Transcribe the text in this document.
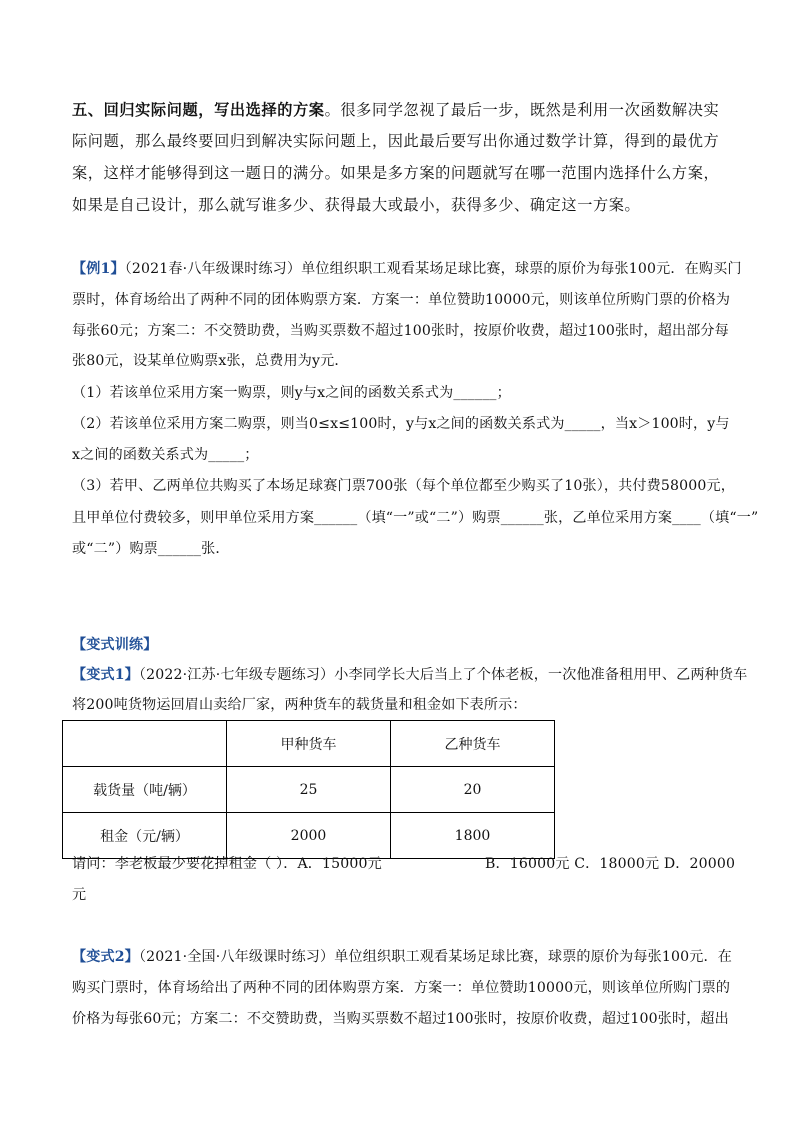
五、回归实际问题，写出选择的方案。很多同学忽视了最后一步，既然是利用一次函数解决实
际问题，那么最终要回归到解决实际问题上，因此最后要写出你通过数学计算，得到的最优方
案，这样才能够得到这一题日的满分。如果是多方案的问题就写在哪一范围内选择什么方案，
如果是自己设计，那么就写谁多少、获得最大或最小，获得多少、确定这一方案。
【例1】（2021春·八年级课时练习）单位组织职工观看某场足球比赛，球票的原价为每张100元．在购买门
票时，体育场给出了两种不同的团体购票方案．方案一：单位赞助10000元，则该单位所购门票的价格为
每张60元；方案二：不交赞助费，当购买票数不超过100张时，按原价收费，超过100张时，超出部分每
张80元，设某单位购票x张，总费用为y元．
（1）若该单位采用方案一购票，则y与x之间的函数关系式为______；
（2）若该单位采用方案二购票，则当0≤x≤100时，y与x之间的函数关系式为_____，当x＞100时，y与
x之间的函数关系式为_____；
（3）若甲、乙两单位共购买了本场足球赛门票700张（每个单位都至少购买了10张），共付费58000元，
且甲单位付费较多，则甲单位采用方案______（填“一”或“二”）购票______张，乙单位采用方案____（填“一”
或“二”）购票______张．
【变式训练】
【变式1】（2022·江苏·七年级专题练习）小李同学长大后当上了个体老板，一次他准备租用甲、乙两种货车
将200吨货物运回眉山卖给厂家，两种货车的载货量和租金如下表所示：
	甲种货车	乙种货车
载货量（吨/辆）	25	20
租金（元/辆）	2000	1800
请问：李老板最少要花掉租金（ ）．A．15000元	B．16000元 C．18000元 D．20000
元
【变式2】（2021·全国·八年级课时练习）单位组织职工观看某场足球比赛，球票的原价为每张100元．在
购买门票时，体育场给出了两种不同的团体购票方案．方案一：单位赞助10000元，则该单位所购门票的
价格为每张60元；方案二：不交赞助费，当购买票数不超过100张时，按原价收费，超过100张时，超出
